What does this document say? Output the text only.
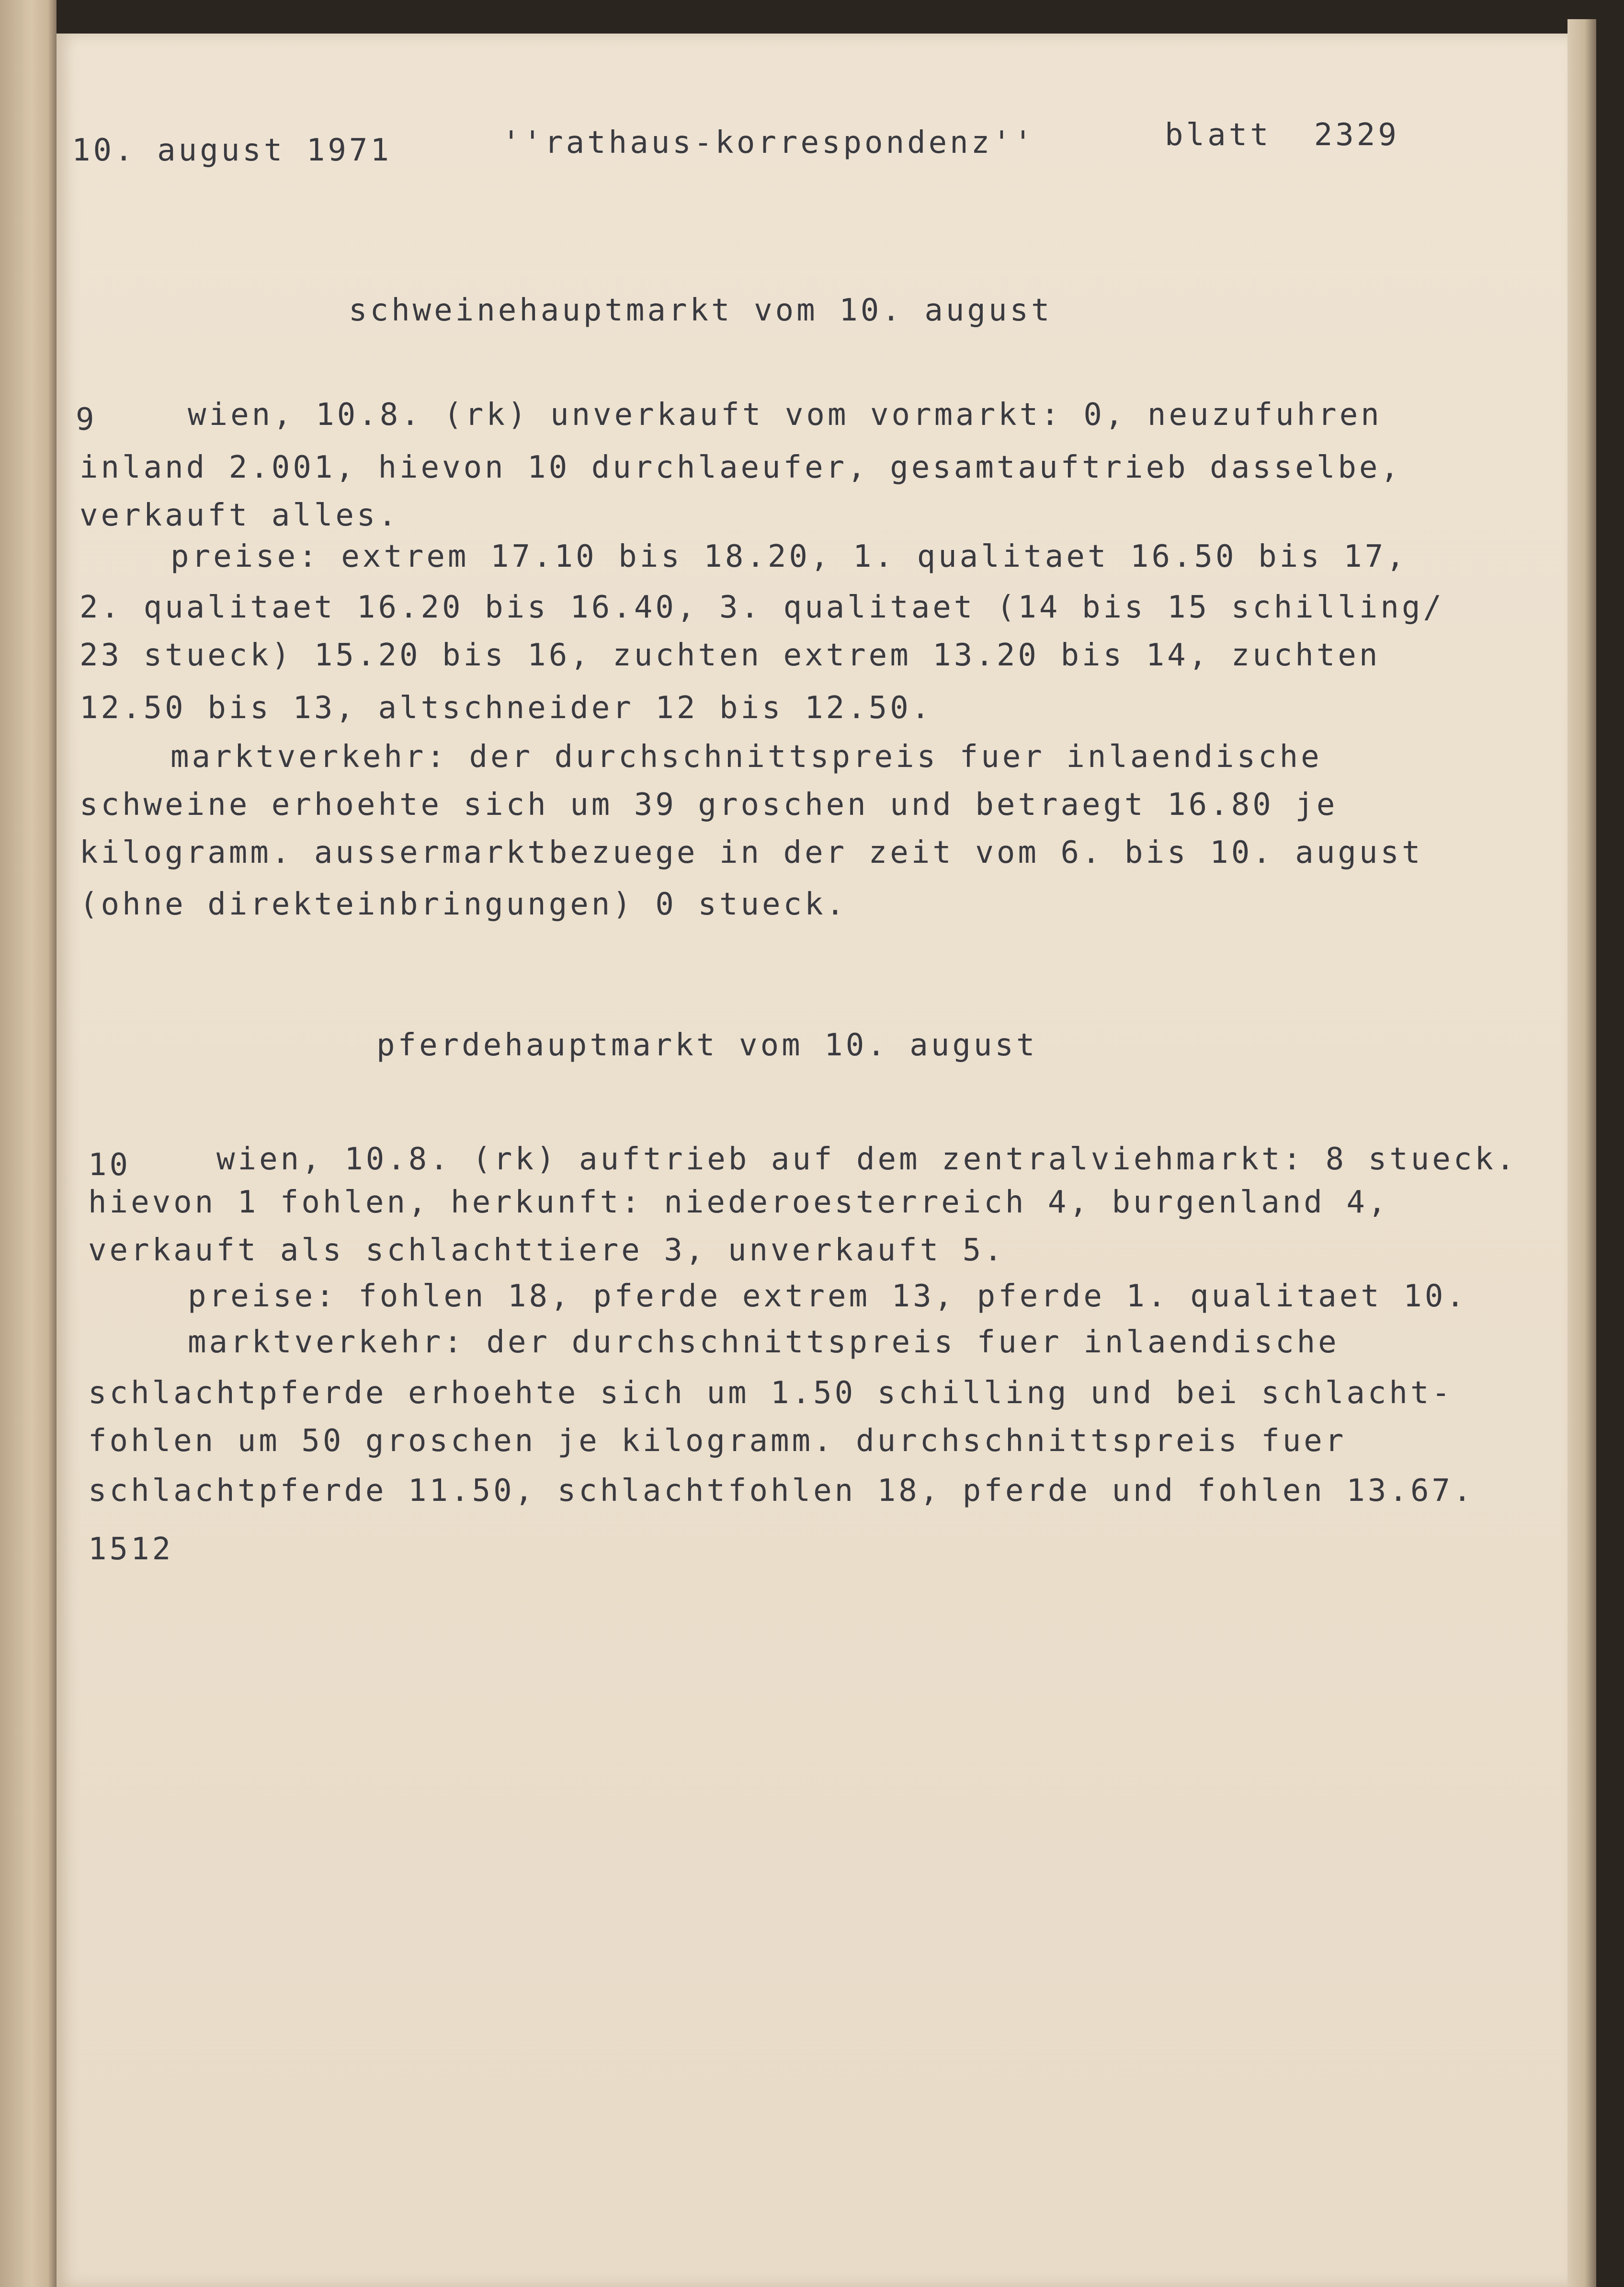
10. august 1971	''rathaus-korrespondenz''	blatt  2329
schweinehauptmarkt vom 10. august
9	wien, 10.8. (rk) unverkauft vom vormarkt: 0, neuzufuhren
inland 2.001, hievon 10 durchlaeufer, gesamtauftrieb dasselbe,
verkauft alles.
preise: extrem 17.10 bis 18.20, 1. qualitaet 16.50 bis 17,
2. qualitaet 16.20 bis 16.40, 3. qualitaet (14 bis 15 schilling/
23 stueck) 15.20 bis 16, zuchten extrem 13.20 bis 14, zuchten
12.50 bis 13, altschneider 12 bis 12.50.
marktverkehr: der durchschnittspreis fuer inlaendische
schweine erhoehte sich um 39 groschen und betraegt 16.80 je
kilogramm. aussermarktbezuege in der zeit vom 6. bis 10. august
(ohne direkteinbringungen) 0 stueck.
pferdehauptmarkt vom 10. august
10	wien, 10.8. (rk) auftrieb auf dem zentralviehmarkt: 8 stueck.
hievon 1 fohlen, herkunft: niederoesterreich 4, burgenland 4,
verkauft als schlachttiere 3, unverkauft 5.
preise: fohlen 18, pferde extrem 13, pferde 1. qualitaet 10.
marktverkehr: der durchschnittspreis fuer inlaendische
schlachtpferde erhoehte sich um 1.50 schilling und bei schlacht-
fohlen um 50 groschen je kilogramm. durchschnittspreis fuer
schlachtpferde 11.50, schlachtfohlen 18, pferde und fohlen 13.67.
1512
